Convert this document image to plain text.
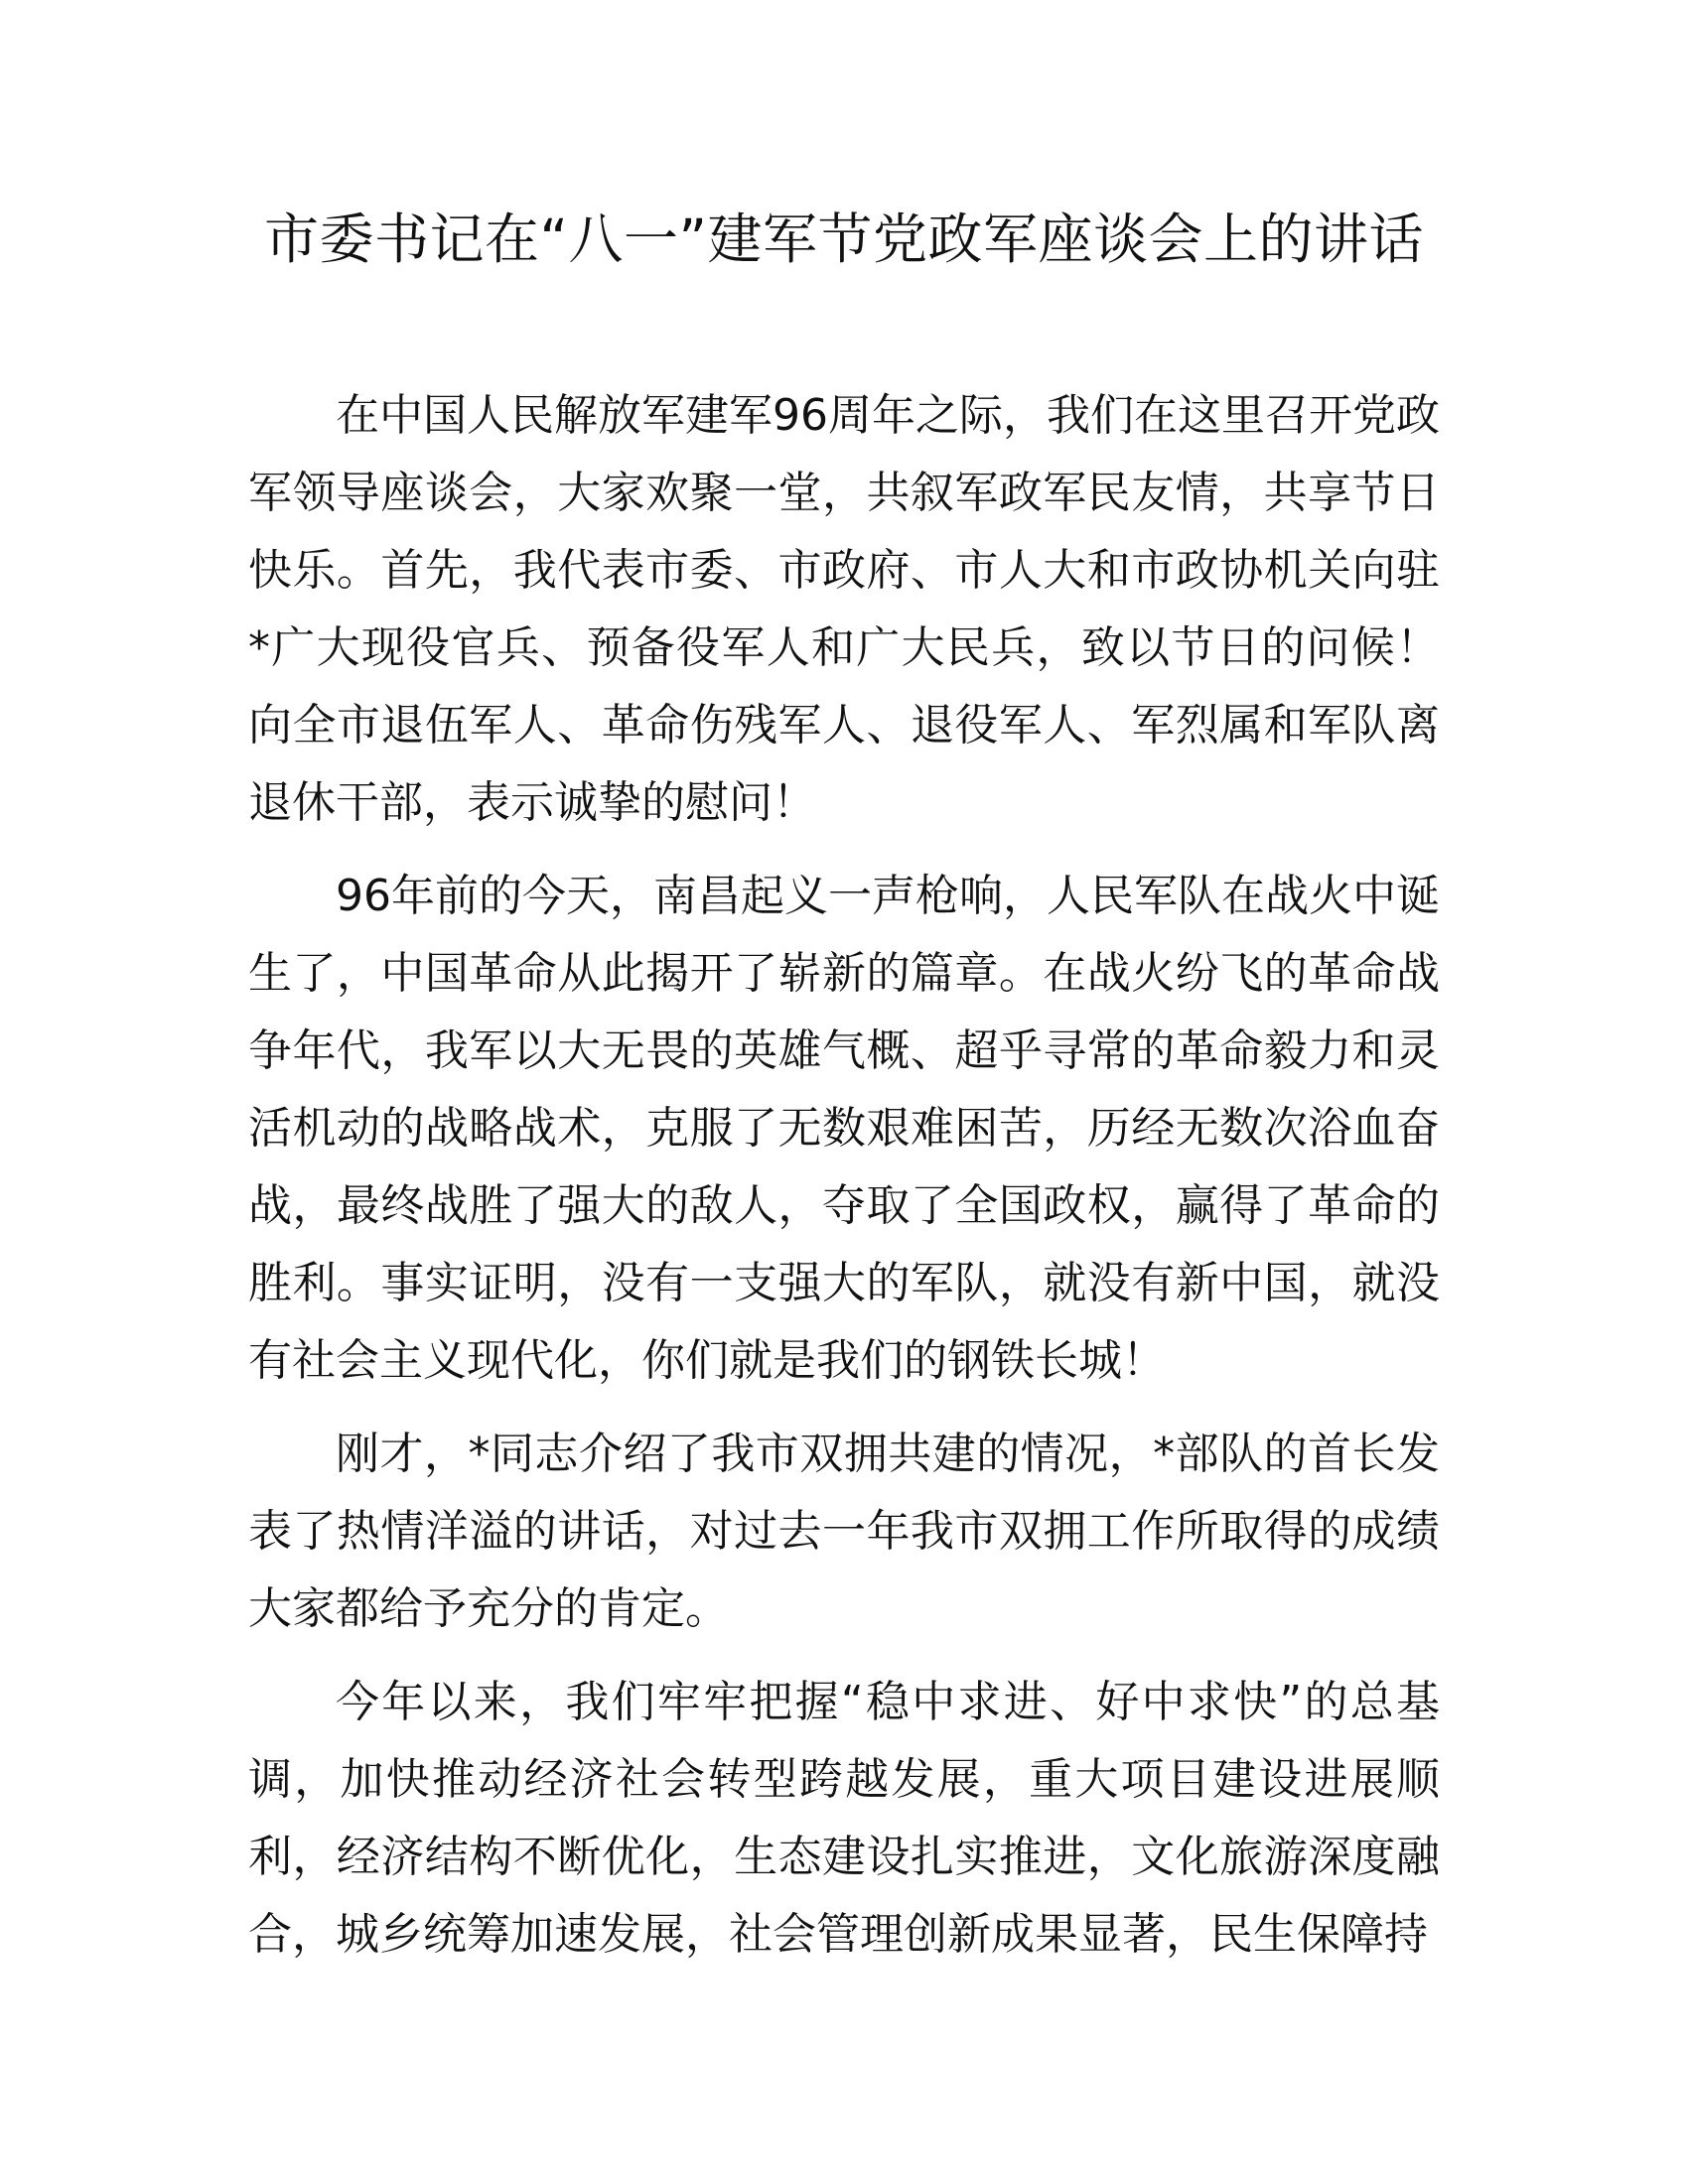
市委书记在“八一”建军节党政军座谈会上的讲话

在中国人民解放军建军96周年之际，我们在这里召开党政军领导座谈会，大家欢聚一堂，共叙军政军民友情，共享节日快乐。首先，我代表市委、市政府、市人大和市政协机关向驻*广大现役官兵、预备役军人和广大民兵，致以节日的问候！向全市退伍军人、革命伤残军人、退役军人、军烈属和军队离退休干部，表示诚挚的慰问！

96年前的今天，南昌起义一声枪响，人民军队在战火中诞生了，中国革命从此揭开了崭新的篇章。在战火纷飞的革命战争年代，我军以大无畏的英雄气概、超乎寻常的革命毅力和灵活机动的战略战术，克服了无数艰难困苦，历经无数次浴血奋战，最终战胜了强大的敌人，夺取了全国政权，赢得了革命的胜利。事实证明，没有一支强大的军队，就没有新中国，就没有社会主义现代化，你们就是我们的钢铁长城！

刚才，*同志介绍了我市双拥共建的情况，*部队的首长发表了热情洋溢的讲话，对过去一年我市双拥工作所取得的成绩大家都给予充分的肯定。

今年以来，我们牢牢把握“稳中求进、好中求快”的总基调，加快推动经济社会转型跨越发展，重大项目建设进展顺利，经济结构不断优化，生态建设扎实推进，文化旅游深度融合，城乡统筹加速发展，社会管理创新成果显著，民生保障持
